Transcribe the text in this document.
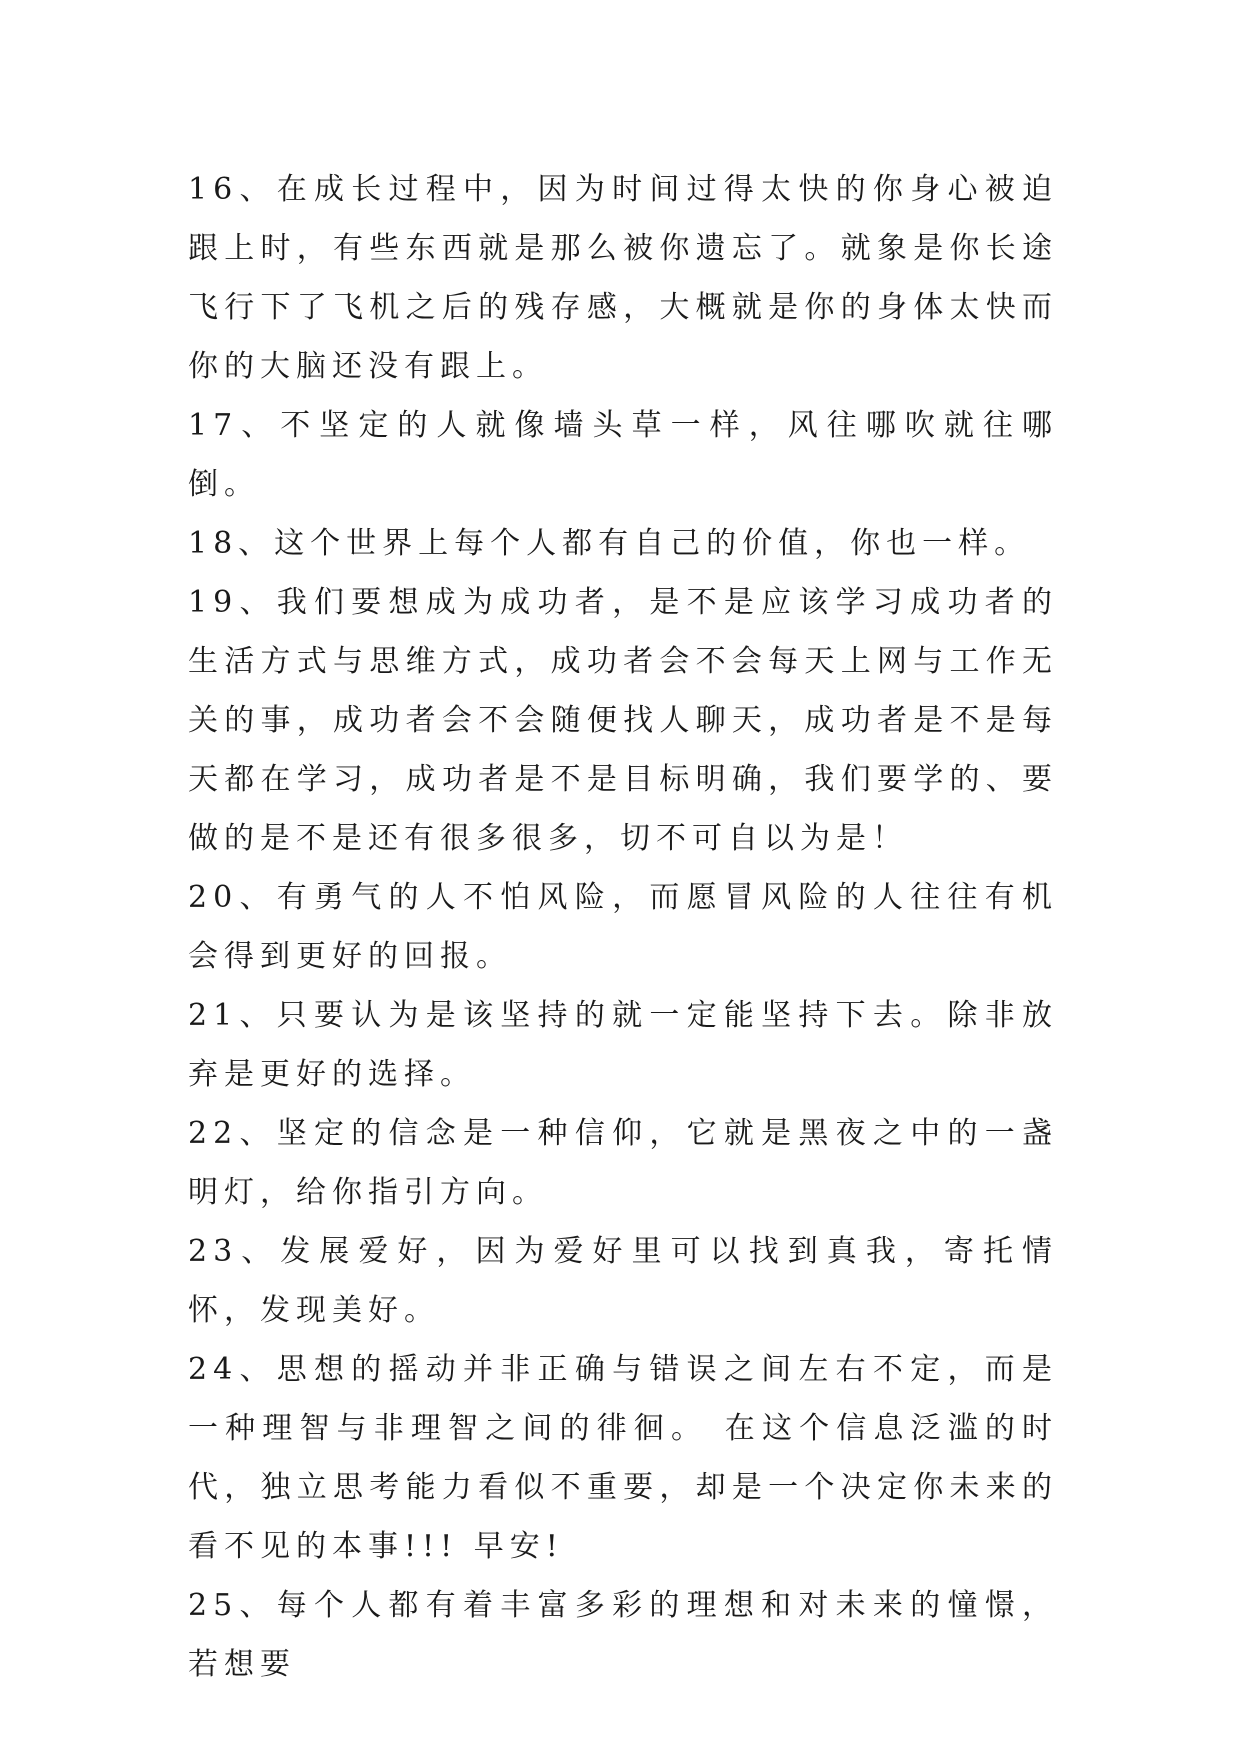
16、在成长过程中，因为时间过得太快的你身心被迫跟上时，有些东西就是那么被你遗忘了。就象是你长途飞行下了飞机之后的残存感，大概就是你的身体太快而你的大脑还没有跟上。

17、不坚定的人就像墙头草一样，风往哪吹就往哪倒。

18、这个世界上每个人都有自己的价值，你也一样。

19、我们要想成为成功者，是不是应该学习成功者的生活方式与思维方式，成功者会不会每天上网与工作无关的事，成功者会不会随便找人聊天，成功者是不是每天都在学习，成功者是不是目标明确，我们要学的、要做的是不是还有很多很多，切不可自以为是！

20、有勇气的人不怕风险，而愿冒风险的人往往有机会得到更好的回报。

21、只要认为是该坚持的就一定能坚持下去。除非放弃是更好的选择。

22、坚定的信念是一种信仰，它就是黑夜之中的一盏明灯，给你指引方向。

23、发展爱好，因为爱好里可以找到真我，寄托情怀，发现美好。

24、思想的摇动并非正确与错误之间左右不定，而是一种理智与非理智之间的徘徊。 在这个信息泛滥的时代，独立思考能力看似不重要，却是一个决定你未来的看不见的本事!!! 早安!

25、每个人都有着丰富多彩的理想和对未来的憧憬，若想要
